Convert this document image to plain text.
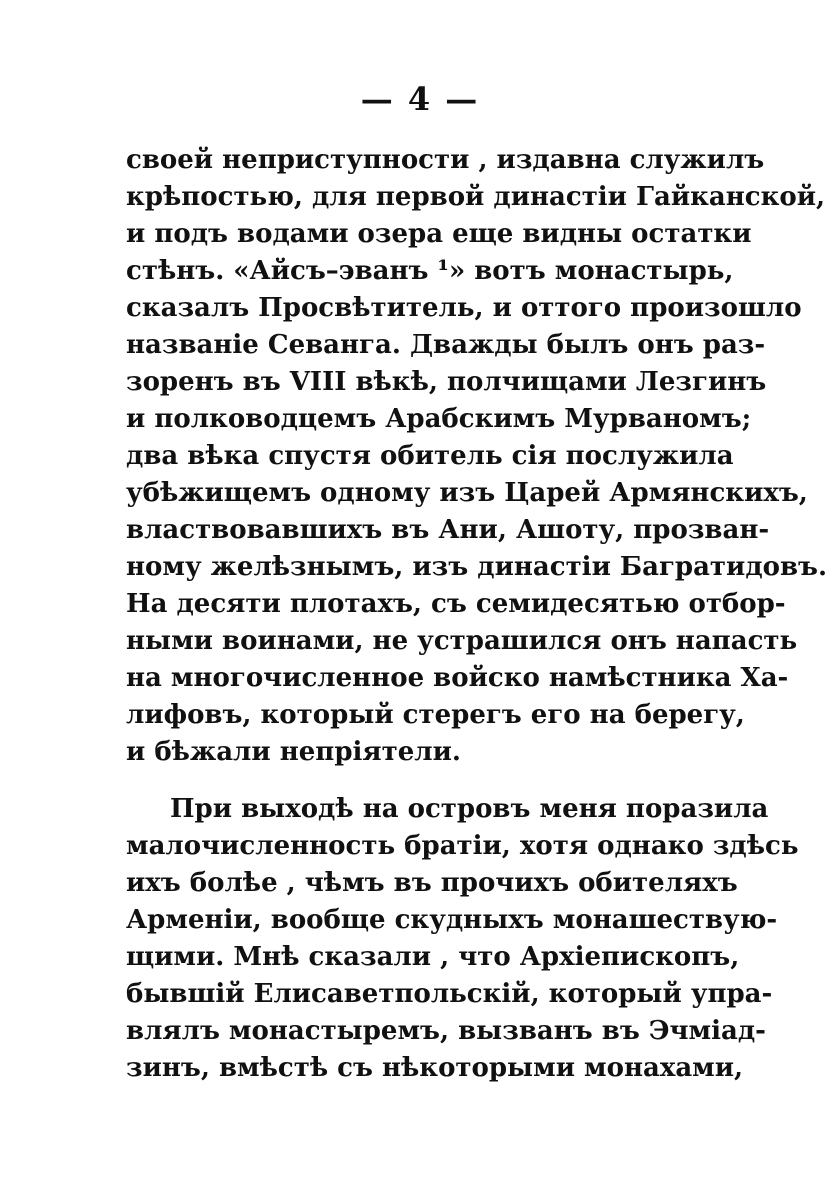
— 4 —
своей неприступности , издавна служилъ
крѣпостью, для первой династіи Гайканской,
и подъ водами озера еще видны остатки
стѣнъ. «Айсъ–эванъ ¹» вотъ монастырь,
сказалъ Просвѣтитель, и оттого произошло
названіе Севанга. Дважды былъ онъ раз-
зоренъ въ VIII вѣкѣ, полчищами Лезгинъ
и полководцемъ Арабскимъ Мурваномъ;
два вѣка спустя обитель сія послужила
убѣжищемъ одному изъ Царей Армянскихъ,
властвовавшихъ въ Ани, Ашоту, прозван-
ному желѣзнымъ, изъ династіи Багратидовъ.
На десяти плотахъ, съ семидесятью отбор-
ными воинами, не устрашился онъ напасть
на многочисленное войско намѣстника Ха-
лифовъ, который стерегъ его на берегу,
и бѣжали непріятели.
При выходѣ на островъ меня поразила
малочисленность братіи, хотя однако здѣсь
ихъ болѣе , чѣмъ въ прочихъ обителяхъ
Арменіи, вообще скудныхъ монашествую-
щими. Мнѣ сказали , что Архіепископъ,
бывшій Елисаветпольскій, который упра-
влялъ монастыремъ, вызванъ въ Эчміад-
зинъ, вмѣстѣ съ нѣкоторыми монахами,
